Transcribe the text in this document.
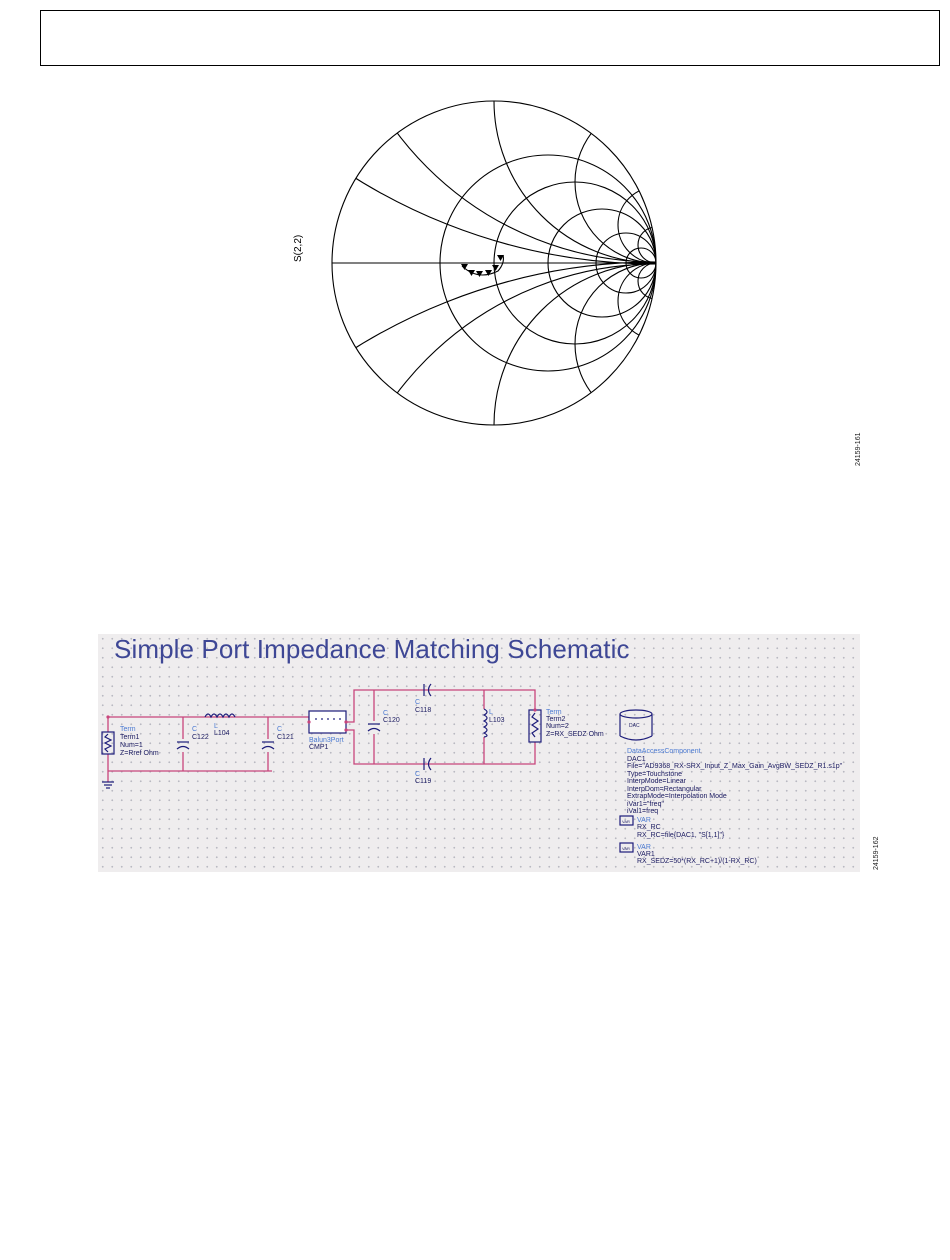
S(2,2)
24159-161
Simple Port Impedance Matching Schematic
Term
Term1
Num=1
Z=Rref Ohm
C
C122
L
L104
C
C121 Balun3Port
CMP1
C
C120
C
C118
C
C119
L
L103
Term
Term2
Num=2
Z=RX_SEDZ Ohm
DAC
DataAccessComponent
DAC1
File="AD9368_RX-SRX_Input_Z_Max_Gain_AvgBW_SEDZ_R1.s1p"
Type=Touchstone
InterpMode=Linear
InterpDom=Rectangular
ExtrapMode=Interpolation Mode
iVar1="freq"
iVal1=freq
VAR VAR
RX_RC
RX_RC=file{DAC1, "S[1,1]"}
VAR VAR
VAR1
RX_SEDZ=50*(RX_RC+1)/(1-RX_RC)	24159-162
